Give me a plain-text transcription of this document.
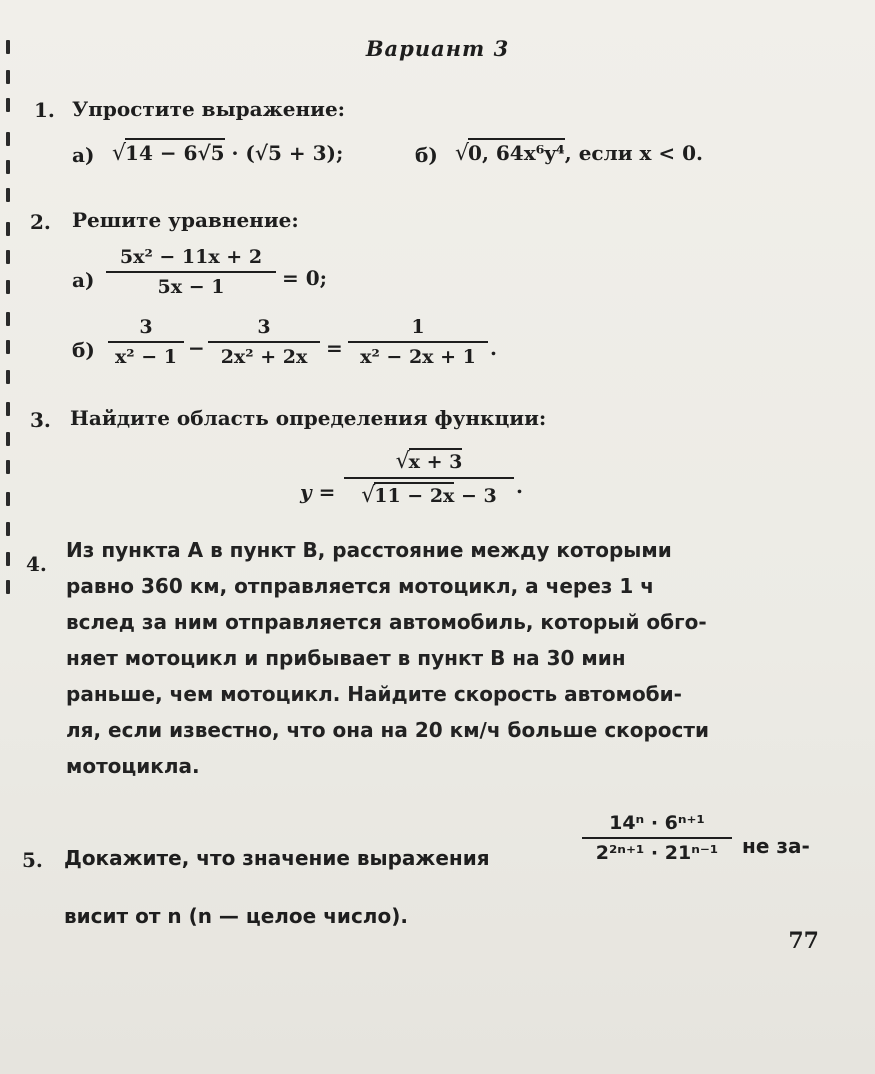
Вариант 3
1. Упростите выражение:
а) √14 − 6√5 · (√5 + 3);	б) √0, 64x⁶y⁴, если x < 0.
2. Решите уравнение:
а)
5x² − 11x + 2
5x − 1	= 0;
б)
3
x² − 1 −
3
2x² + 2x =
1
x² − 2x + 1 .
3. Найдите область определения функции:
y =
√x + 3
√11 − 2x − 3 .
4.
Из пункта A в пункт B, расстояние между которыми
равно 360 км, отправляется мотоцикл, а через 1 ч
вслед за ним отправляется автомобиль, который обго-
няет мотоцикл и прибывает в пункт B на 30 мин
раньше, чем мотоцикл. Найдите скорость автомоби-
ля, если известно, что она на 20 км/ч больше скорости
мотоцикла.
5. Докажите, что значение выражения
14ⁿ · 6ⁿ⁺¹
2²ⁿ⁺¹ · 21ⁿ⁻¹	не за-
висит от n (n — целое число).
77
